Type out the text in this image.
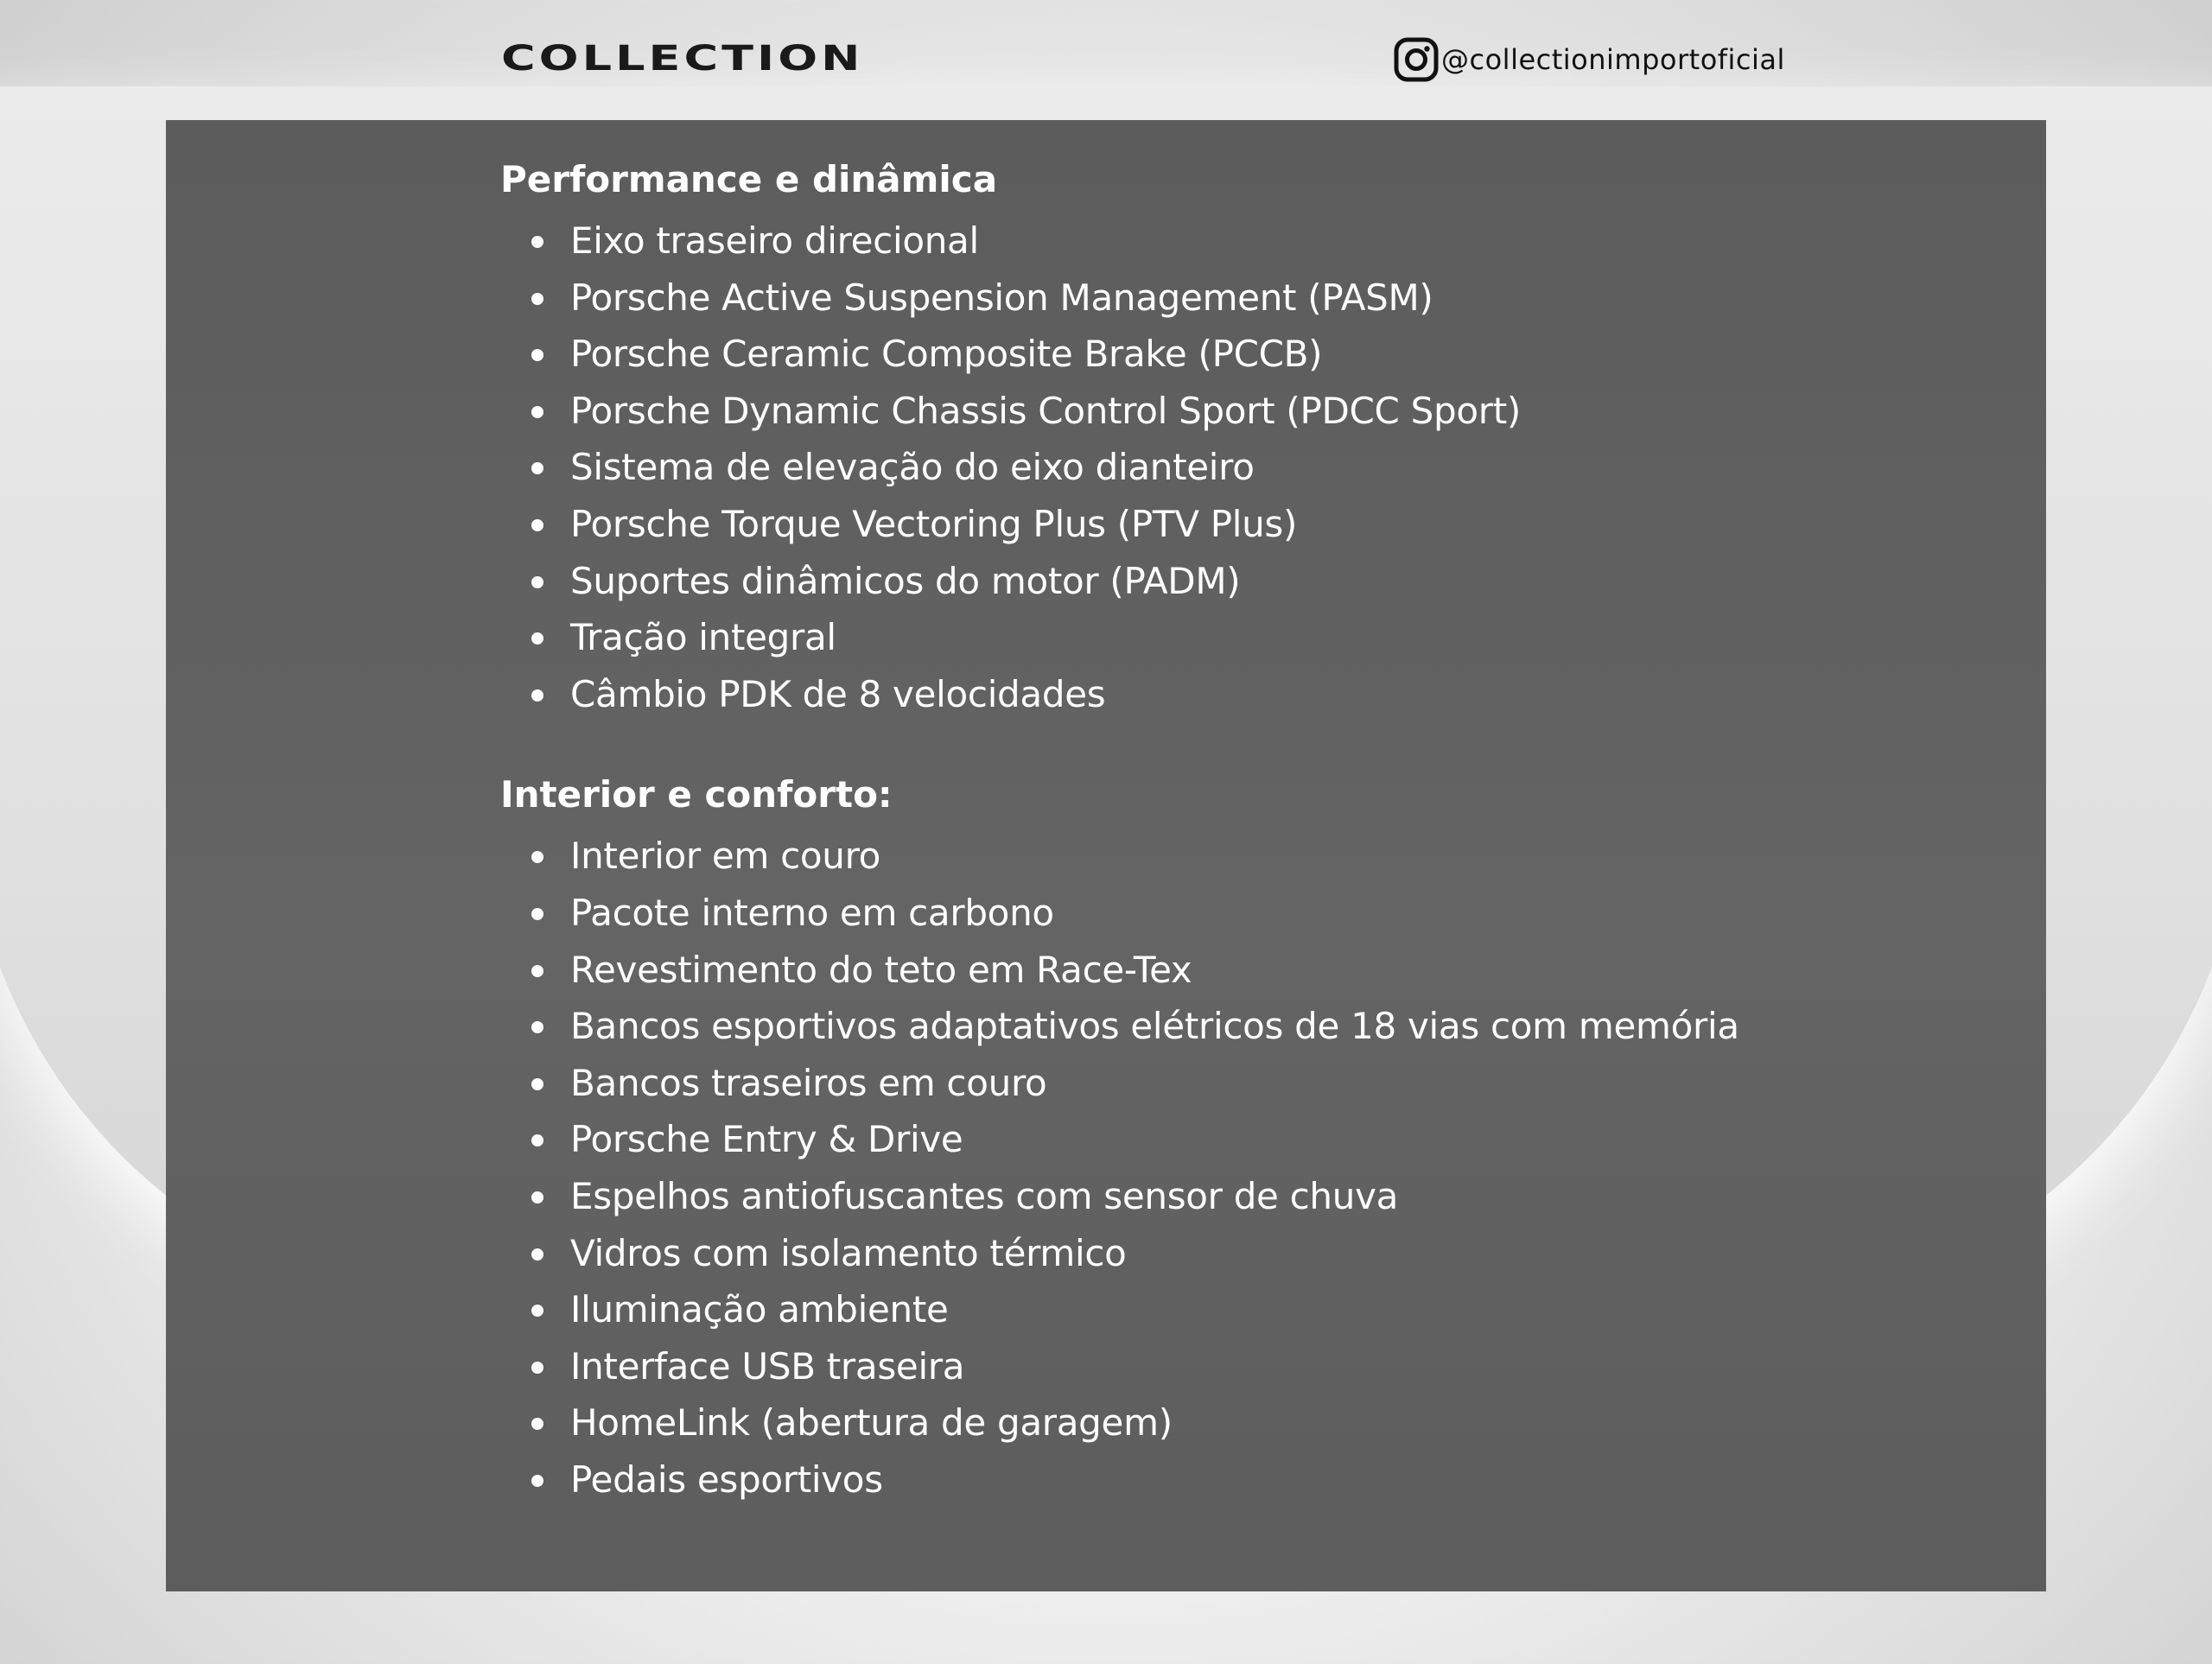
COLLECTION	@collectionimportoficial
Performance e dinâmica
Eixo traseiro direcional
Porsche Active Suspension Management (PASM)
Porsche Ceramic Composite Brake (PCCB)
Porsche Dynamic Chassis Control Sport (PDCC Sport)
Sistema de elevação do eixo dianteiro
Porsche Torque Vectoring Plus (PTV Plus)
Suportes dinâmicos do motor (PADM)
Tração integral
Câmbio PDK de 8 velocidades
Interior e conforto:
Interior em couro
Pacote interno em carbono
Revestimento do teto em Race-Tex
Bancos esportivos adaptativos elétricos de 18 vias com memória
Bancos traseiros em couro
Porsche Entry & Drive
Espelhos antiofuscantes com sensor de chuva
Vidros com isolamento térmico
Iluminação ambiente
Interface USB traseira
HomeLink (abertura de garagem)
Pedais esportivos
